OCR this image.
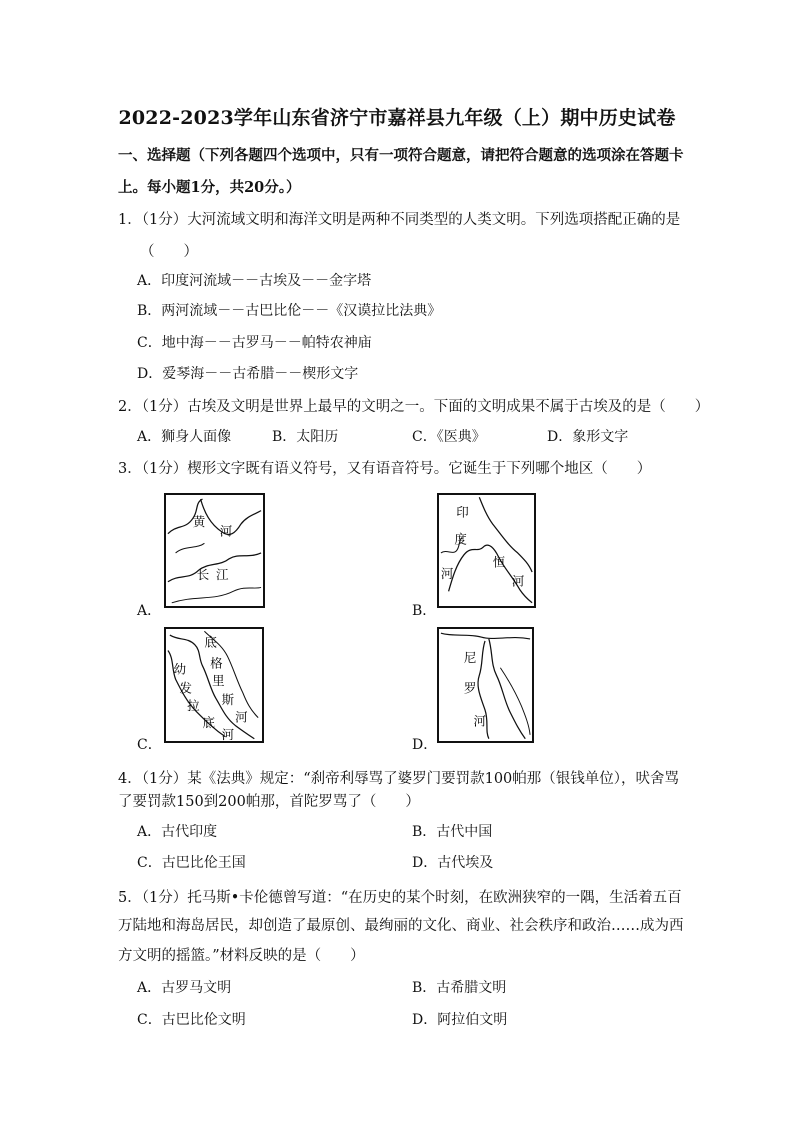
2022-2023学年山东省济宁市嘉祥县九年级（上）期中历史试卷
一、选择题（下列各题四个选项中，只有一项符合题意，请把符合题意的选项涂在答题卡
上。每小题1分，共20分。）
1．（1分）大河流域文明和海洋文明是两种不同类型的人类文明。下列选项搭配正确的是
（　　）
A．印度河流域－－古埃及－－金字塔
B．两河流域－－古巴比伦－－《汉谟拉比法典》
C．地中海－－古罗马－－帕特农神庙
D．爱琴海－－古希腊－－楔形文字
2．（1分）古埃及文明是世界上最早的文明之一。下面的文明成果不属于古埃及的是（　　）
A．狮身人面像	B．太阳历	C．《医典》	D．象形文字
3．（1分）楔形文字既有语义符号，又有语音符号。它诞生于下列哪个地区（　　）
A．
黄
河
长 江
B．
印
度
河
恒
河
C．
底
幼 格
发
里
拉 斯
河
底
河
D．
尼
罗
河
4．（1分）某《法典》规定：“刹帝利辱骂了婆罗门要罚款100帕那（银钱单位），吠舍骂
了要罚款150到200帕那，首陀罗骂了（　　）
A．古代印度	B．古代中国
C．古巴比伦王国	D．古代埃及
5．（1分）托马斯•卡伦德曾写道：“在历史的某个时刻，在欧洲狭窄的一隅，生活着五百
万陆地和海岛居民，却创造了最原创、最绚丽的文化、商业、社会秩序和政治……成为西
方文明的摇篮。”材料反映的是（　　）
A．古罗马文明	B．古希腊文明
C．古巴比伦文明	D．阿拉伯文明
